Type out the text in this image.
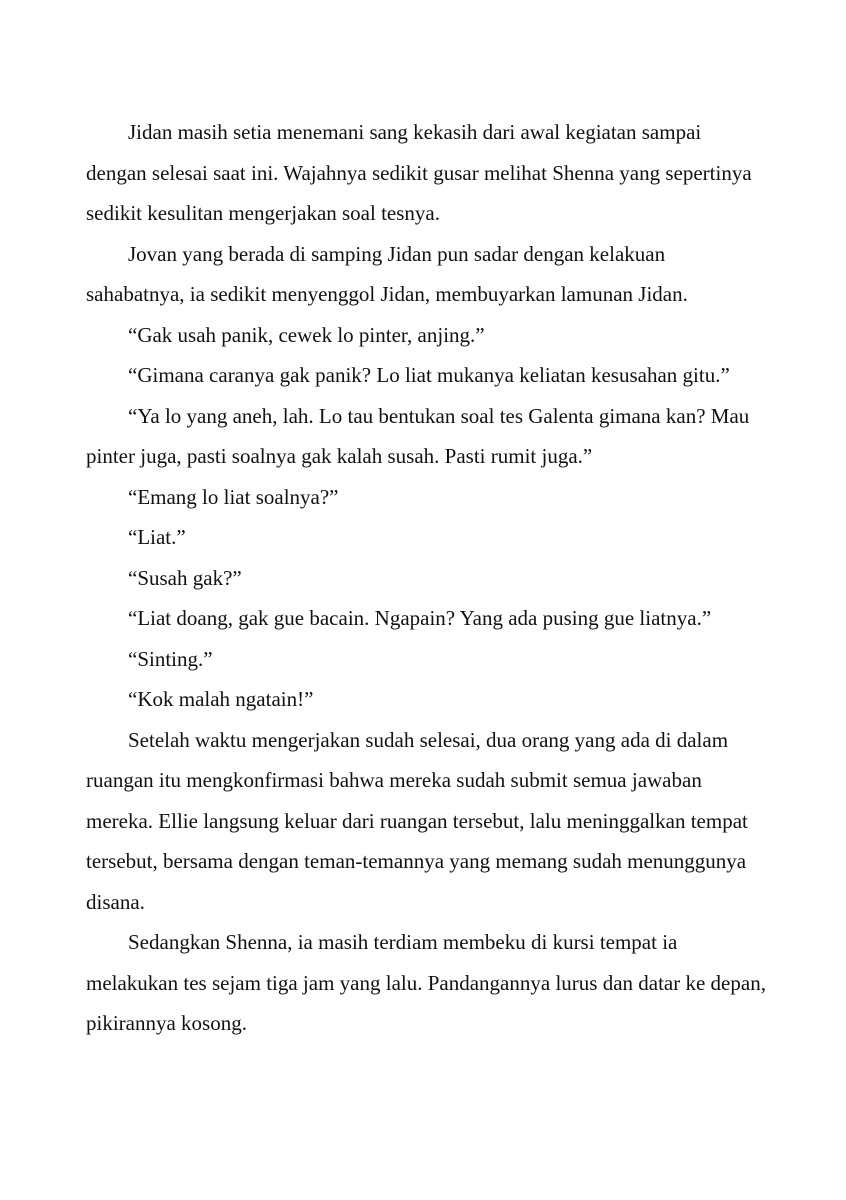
Jidan masih setia menemani sang kekasih dari awal kegiatan sampai dengan selesai saat ini. Wajahnya sedikit gusar melihat Shenna yang sepertinya sedikit kesulitan mengerjakan soal tesnya.

Jovan yang berada di samping Jidan pun sadar dengan kelakuan sahabatnya, ia sedikit menyenggol Jidan, membuyarkan lamunan Jidan.

“Gak usah panik, cewek lo pinter, anjing.”

“Gimana caranya gak panik? Lo liat mukanya keliatan kesusahan gitu.”

“Ya lo yang aneh, lah. Lo tau bentukan soal tes Galenta gimana kan? Mau pinter juga, pasti soalnya gak kalah susah. Pasti rumit juga.”

“Emang lo liat soalnya?”

“Liat.”

“Susah gak?”

“Liat doang, gak gue bacain. Ngapain? Yang ada pusing gue liatnya.”

“Sinting.”

“Kok malah ngatain!”

Setelah waktu mengerjakan sudah selesai, dua orang yang ada di dalam ruangan itu mengkonfirmasi bahwa mereka sudah submit semua jawaban mereka. Ellie langsung keluar dari ruangan tersebut, lalu meninggalkan tempat tersebut, bersama dengan teman-temannya yang memang sudah menunggunya disana.

Sedangkan Shenna, ia masih terdiam membeku di kursi tempat ia melakukan tes sejam tiga jam yang lalu. Pandangannya lurus dan datar ke depan, pikirannya kosong.
